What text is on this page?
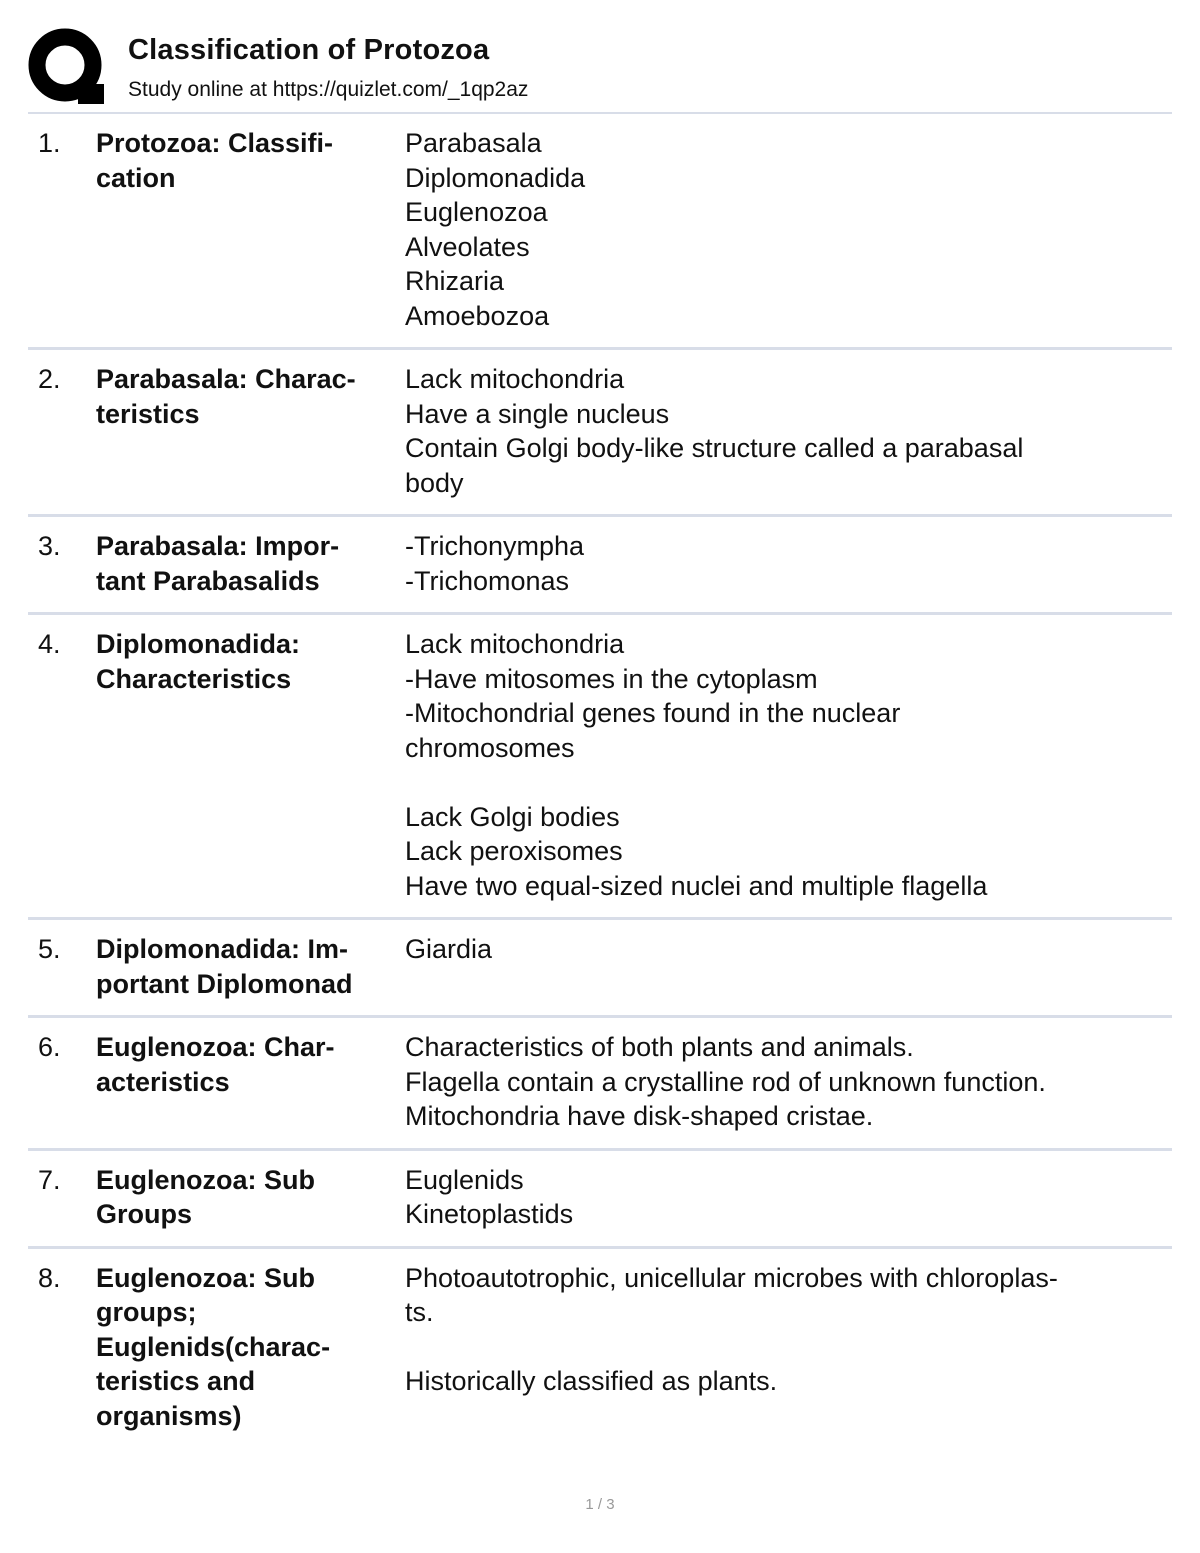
Classification of Protozoa
Study online at https://quizlet.com/_1qp2az
1. Protozoa: Classifi-
cation
Parabasala
Diplomonadida
Euglenozoa
Alveolates
Rhizaria
Amoebozoa
2. Parabasala: Charac-
teristics
Lack mitochondria
Have a single nucleus
Contain Golgi body-like structure called a parabasal
body
3. Parabasala: Impor-
tant Parabasalids
-Trichonympha
-Trichomonas
4. Diplomonadida:
Characteristics
Lack mitochondria
-Have mitosomes in the cytoplasm
-Mitochondrial genes found in the nuclear
chromosomes

Lack Golgi bodies
Lack peroxisomes
Have two equal-sized nuclei and multiple flagella
5. Diplomonadida: Im-
portant Diplomonad
Giardia
6. Euglenozoa: Char-
acteristics
Characteristics of both plants and animals.
Flagella contain a crystalline rod of unknown function.
Mitochondria have disk-shaped cristae.
7. Euglenozoa: Sub
Groups
Euglenids
Kinetoplastids
8. Euglenozoa: Sub
groups;
Euglenids(charac-
teristics and
organisms)
Photoautotrophic, unicellular microbes with chloroplas-
ts.

Historically classified as plants.
1 / 3
